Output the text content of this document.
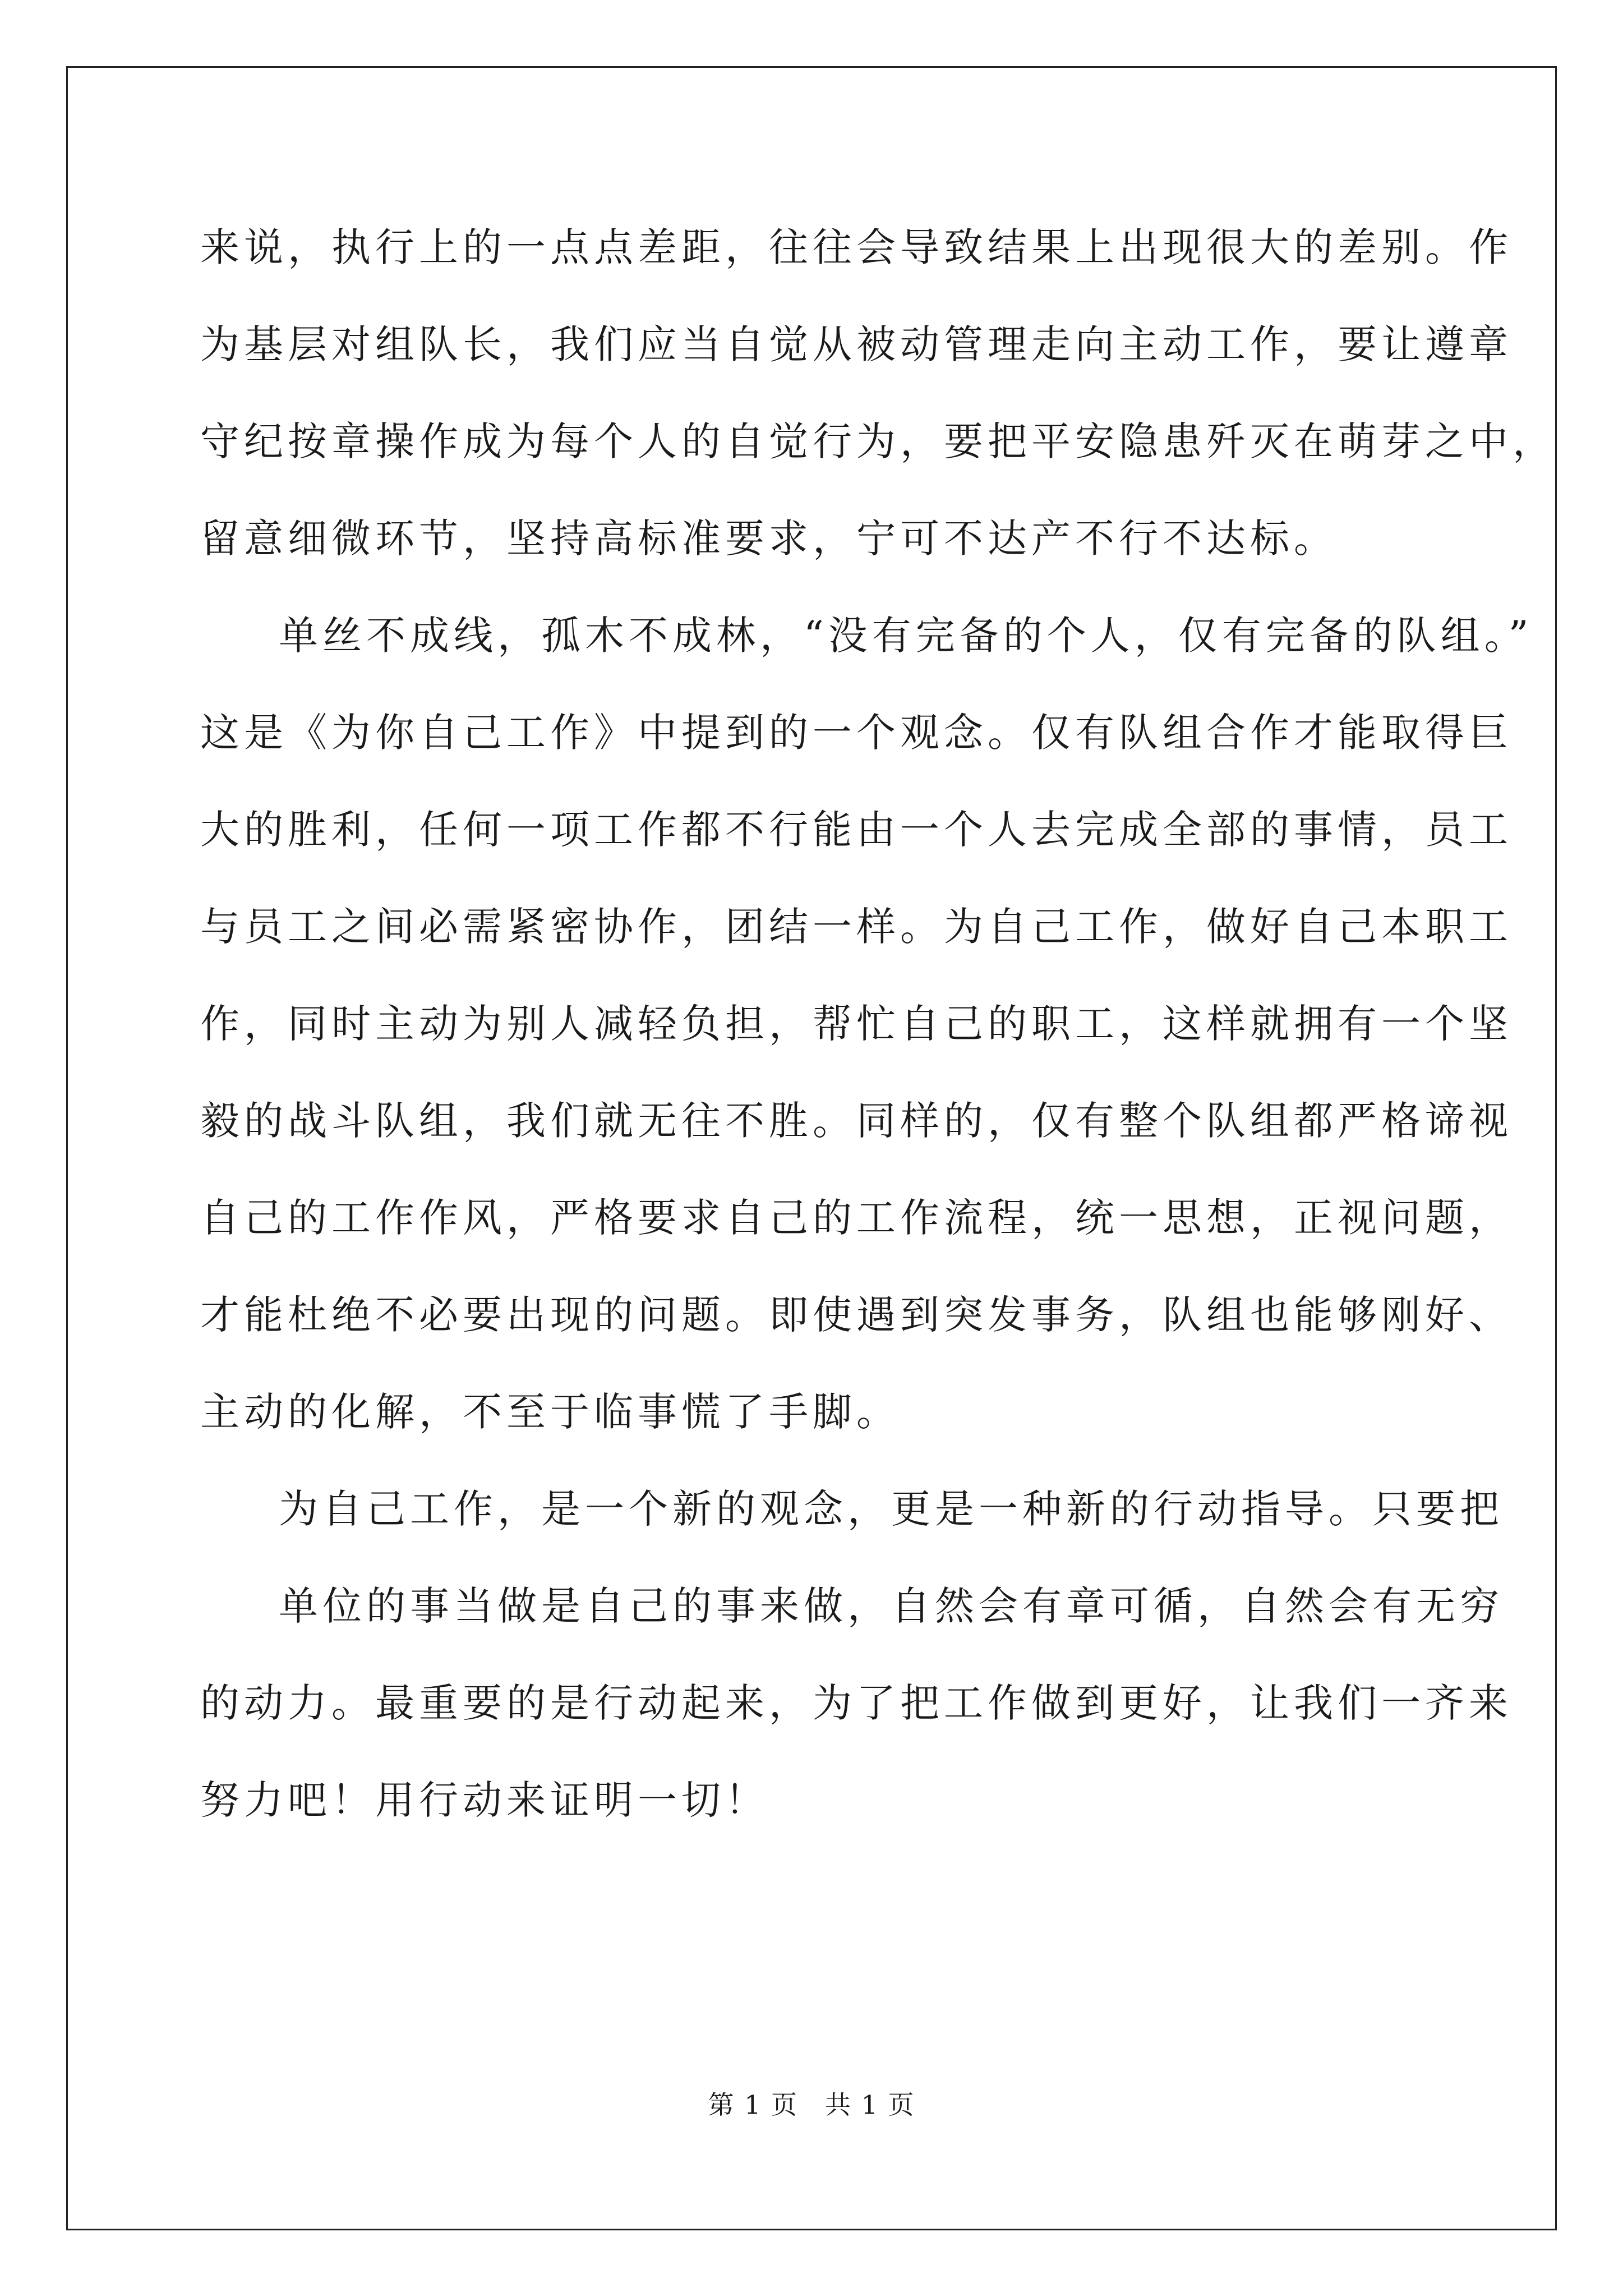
来说，执行上的一点点差距，往往会导致结果上出现很大的差别。作

为基层对组队长，我们应当自觉从被动管理走向主动工作，要让遵章

守纪按章操作成为每个人的自觉行为，要把平安隐患歼灭在萌芽之中，

留意细微环节，坚持高标准要求，宁可不达产不行不达标。

单丝不成线，孤木不成林，“没有完备的个人，仅有完备的队组。”

这是《为你自己工作》中提到的一个观念。仅有队组合作才能取得巨

大的胜利，任何一项工作都不行能由一个人去完成全部的事情，员工

与员工之间必需紧密协作，团结一样。为自己工作，做好自己本职工

作，同时主动为别人减轻负担，帮忙自己的职工，这样就拥有一个坚

毅的战斗队组，我们就无往不胜。同样的，仅有整个队组都严格谛视

自己的工作作风，严格要求自己的工作流程，统一思想，正视问题，

才能杜绝不必要出现的问题。即使遇到突发事务，队组也能够刚好、

主动的化解，不至于临事慌了手脚。

为自己工作，是一个新的观念，更是一种新的行动指导。只要把

单位的事当做是自己的事来做，自然会有章可循，自然会有无穷

的动力。最重要的是行动起来，为了把工作做到更好，让我们一齐来

努力吧！用行动来证明一切！

第 1 页　共 1 页
